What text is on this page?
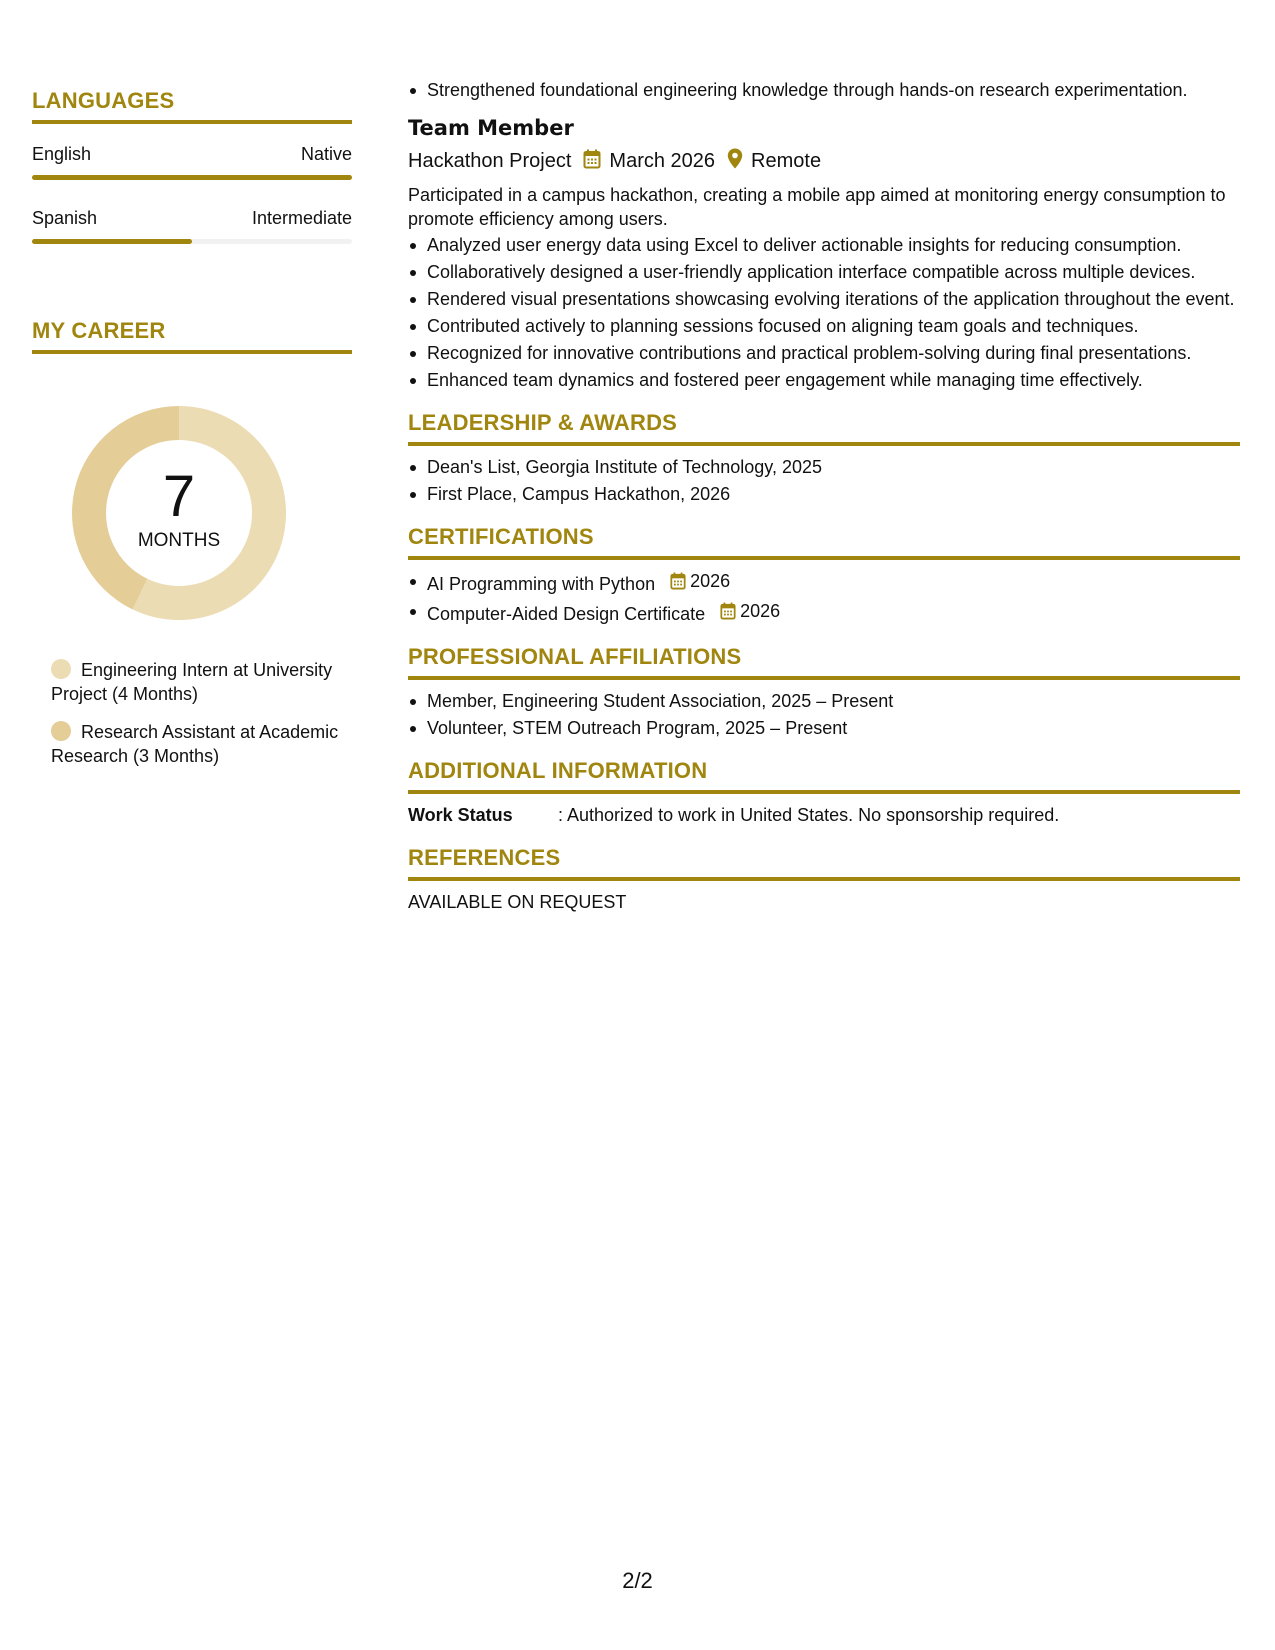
LANGUAGES
English	Native
Spanish	Intermediate
MY CAREER
7
MONTHS
Engineering Intern at University Project (4 Months)
Research Assistant at Academic Research (3 Months)
Strengthened foundational engineering knowledge through hands-on research experimentation.
Team Member
Hackathon Project March 2026 Remote
Participated in a campus hackathon, creating a mobile app aimed at monitoring energy consumption to promote efficiency among users.
Analyzed user energy data using Excel to deliver actionable insights for reducing consumption.
Collaboratively designed a user-friendly application interface compatible across multiple devices.
Rendered visual presentations showcasing evolving iterations of the application throughout the event.
Contributed actively to planning sessions focused on aligning team goals and techniques.
Recognized for innovative contributions and practical problem-solving during final presentations.
Enhanced team dynamics and fostered peer engagement while managing time effectively.
LEADERSHIP & AWARDS
Dean's List, Georgia Institute of Technology, 2025
First Place, Campus Hackathon, 2026
CERTIFICATIONS
AI Programming with Python 2026
Computer-Aided Design Certificate 2026
PROFESSIONAL AFFILIATIONS
Member, Engineering Student Association, 2025 – Present
Volunteer, STEM Outreach Program, 2025 – Present
ADDITIONAL INFORMATION
Work Status	: Authorized to work in United States. No sponsorship required.
REFERENCES
AVAILABLE ON REQUEST
2/2
